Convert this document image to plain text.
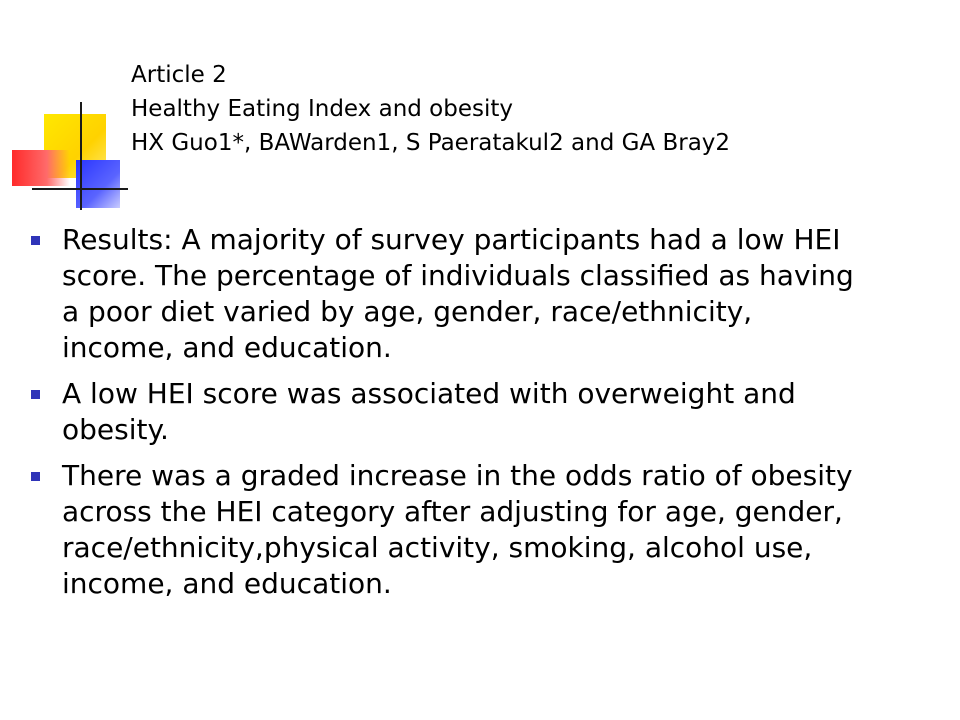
Article 2
Healthy Eating Index and obesity
HX Guo1*, BAWarden1, S Paeratakul2 and GA Bray2
Results: A majority of survey participants had a low HEI score. The percentage of individuals classified as having a poor diet varied by age, gender, race/ethnicity, income, and education.
A low HEI score was associated with overweight and obesity.
There was a graded increase in the odds ratio of obesity across the HEI category after adjusting for age, gender, race/ethnicity,physical activity, smoking, alcohol use, income, and education.
